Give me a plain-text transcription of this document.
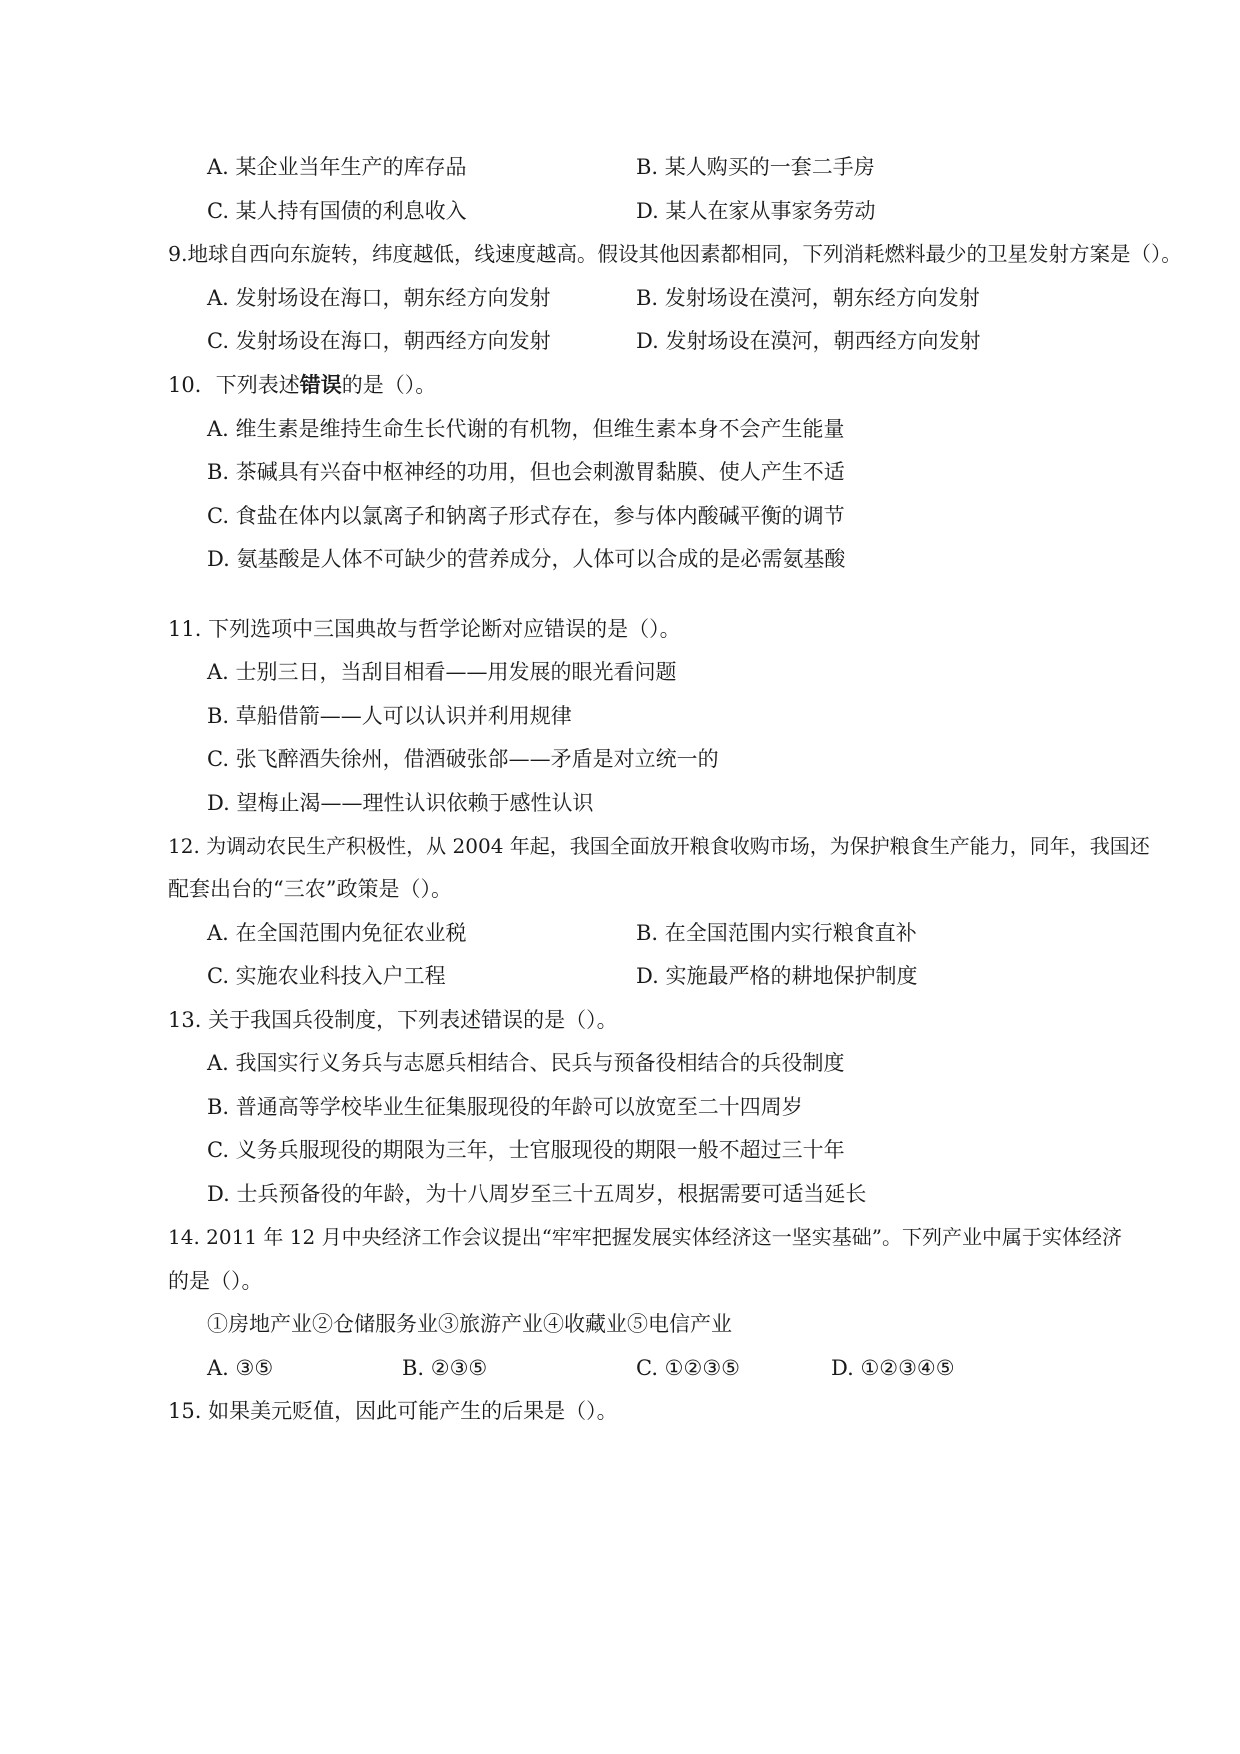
A. 某企业当年生产的库存品	B. 某人购买的一套二手房
C. 某人持有国债的利息收入	D. 某人在家从事家务劳动
9.地球自西向东旋转，纬度越低，线速度越高。假设其他因素都相同，下列消耗燃料最少的卫星发射方案是（）。
A. 发射场设在海口，朝东经方向发射	B. 发射场设在漠河，朝东经方向发射
C. 发射场设在海口，朝西经方向发射	D. 发射场设在漠河，朝西经方向发射
10．下列表述错误的是（）。
A. 维生素是维持生命生长代谢的有机物，但维生素本身不会产生能量
B. 茶碱具有兴奋中枢神经的功用，但也会刺激胃黏膜、使人产生不适
C. 食盐在体内以氯离子和钠离子形式存在，参与体内酸碱平衡的调节
D. 氨基酸是人体不可缺少的营养成分，人体可以合成的是必需氨基酸
11. 下列选项中三国典故与哲学论断对应错误的是（）。
A. 士别三日，当刮目相看——用发展的眼光看问题
B. 草船借箭——人可以认识并利用规律
C. 张飞醉酒失徐州，借酒破张郃——矛盾是对立统一的
D. 望梅止渴——理性认识依赖于感性认识
12. 为调动农民生产积极性，从 2004 年起，我国全面放开粮食收购市场，为保护粮食生产能力，同年，我国还
配套出台的“三农”政策是（）。
A. 在全国范围内免征农业税	B. 在全国范围内实行粮食直补
C. 实施农业科技入户工程	D. 实施最严格的耕地保护制度
13. 关于我国兵役制度，下列表述错误的是（）。
A. 我国实行义务兵与志愿兵相结合、民兵与预备役相结合的兵役制度
B. 普通高等学校毕业生征集服现役的年龄可以放宽至二十四周岁
C. 义务兵服现役的期限为三年，士官服现役的期限一般不超过三十年
D. 士兵预备役的年龄，为十八周岁至三十五周岁，根据需要可适当延长
14. 2011 年 12 月中央经济工作会议提出“牢牢把握发展实体经济这一坚实基础”。下列产业中属于实体经济
的是（）。
①房地产业②仓储服务业③旅游产业④收藏业⑤电信产业
A. ③⑤	B. ②③⑤	C. ①②③⑤	D. ①②③④⑤
15. 如果美元贬值，因此可能产生的后果是（）。
